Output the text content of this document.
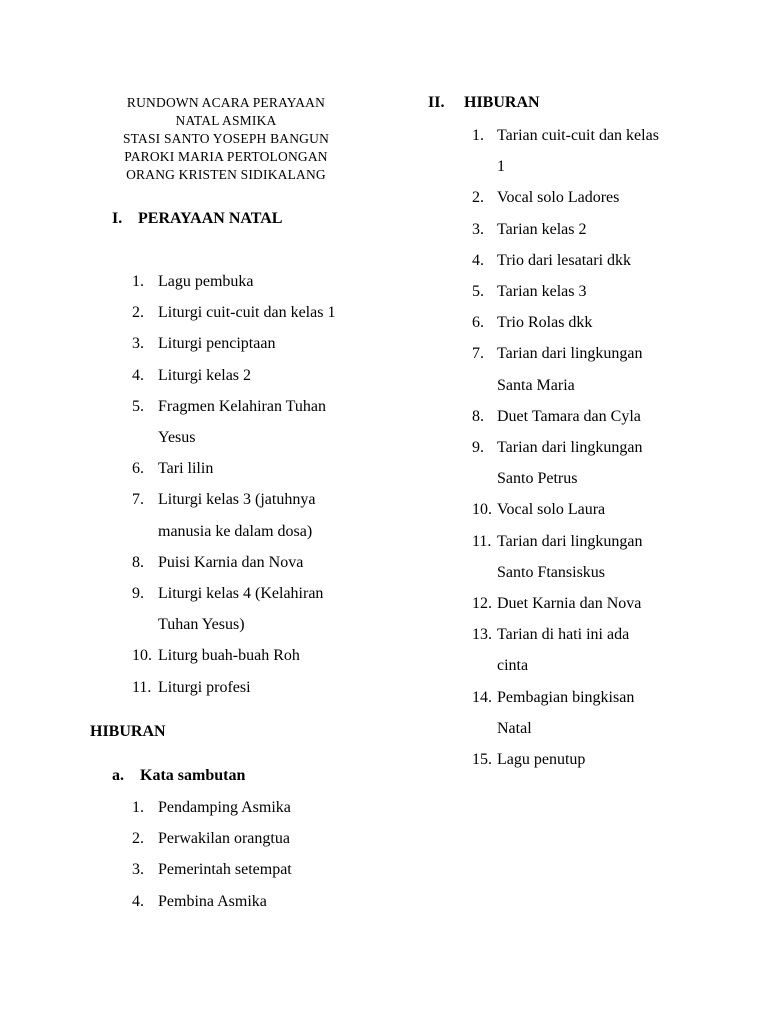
RUNDOWN ACARA PERAYAAN
NATAL ASMIKA
STASI SANTO YOSEPH BANGUN
PAROKI MARIA PERTOLONGAN
ORANG KRISTEN SIDIKALANG
I. PERAYAAN NATAL
1. Lagu pembuka
2. Liturgi cuit-cuit dan kelas 1
3. Liturgi penciptaan
4. Liturgi kelas 2
5. Fragmen Kelahiran Tuhan
Yesus
6. Tari lilin
7. Liturgi kelas 3 (jatuhnya
manusia ke dalam dosa)
8. Puisi Karnia dan Nova
9. Liturgi kelas 4 (Kelahiran
Tuhan Yesus)
10. Liturg buah-buah Roh
11. Liturgi profesi
HIBURAN
a. Kata sambutan
1. Pendamping Asmika
2. Perwakilan orangtua
3. Pemerintah setempat
4. Pembina Asmika
II. HIBURAN
1. Tarian cuit-cuit dan kelas
1
2. Vocal solo Ladores
3. Tarian kelas 2
4. Trio dari lesatari dkk
5. Tarian kelas 3
6. Trio Rolas dkk
7. Tarian dari lingkungan
Santa Maria
8. Duet Tamara dan Cyla
9. Tarian dari lingkungan
Santo Petrus
10. Vocal solo Laura
11. Tarian dari lingkungan
Santo Ftansiskus
12. Duet Karnia dan Nova
13. Tarian di hati ini ada
cinta
14. Pembagian bingkisan
Natal
15. Lagu penutup
